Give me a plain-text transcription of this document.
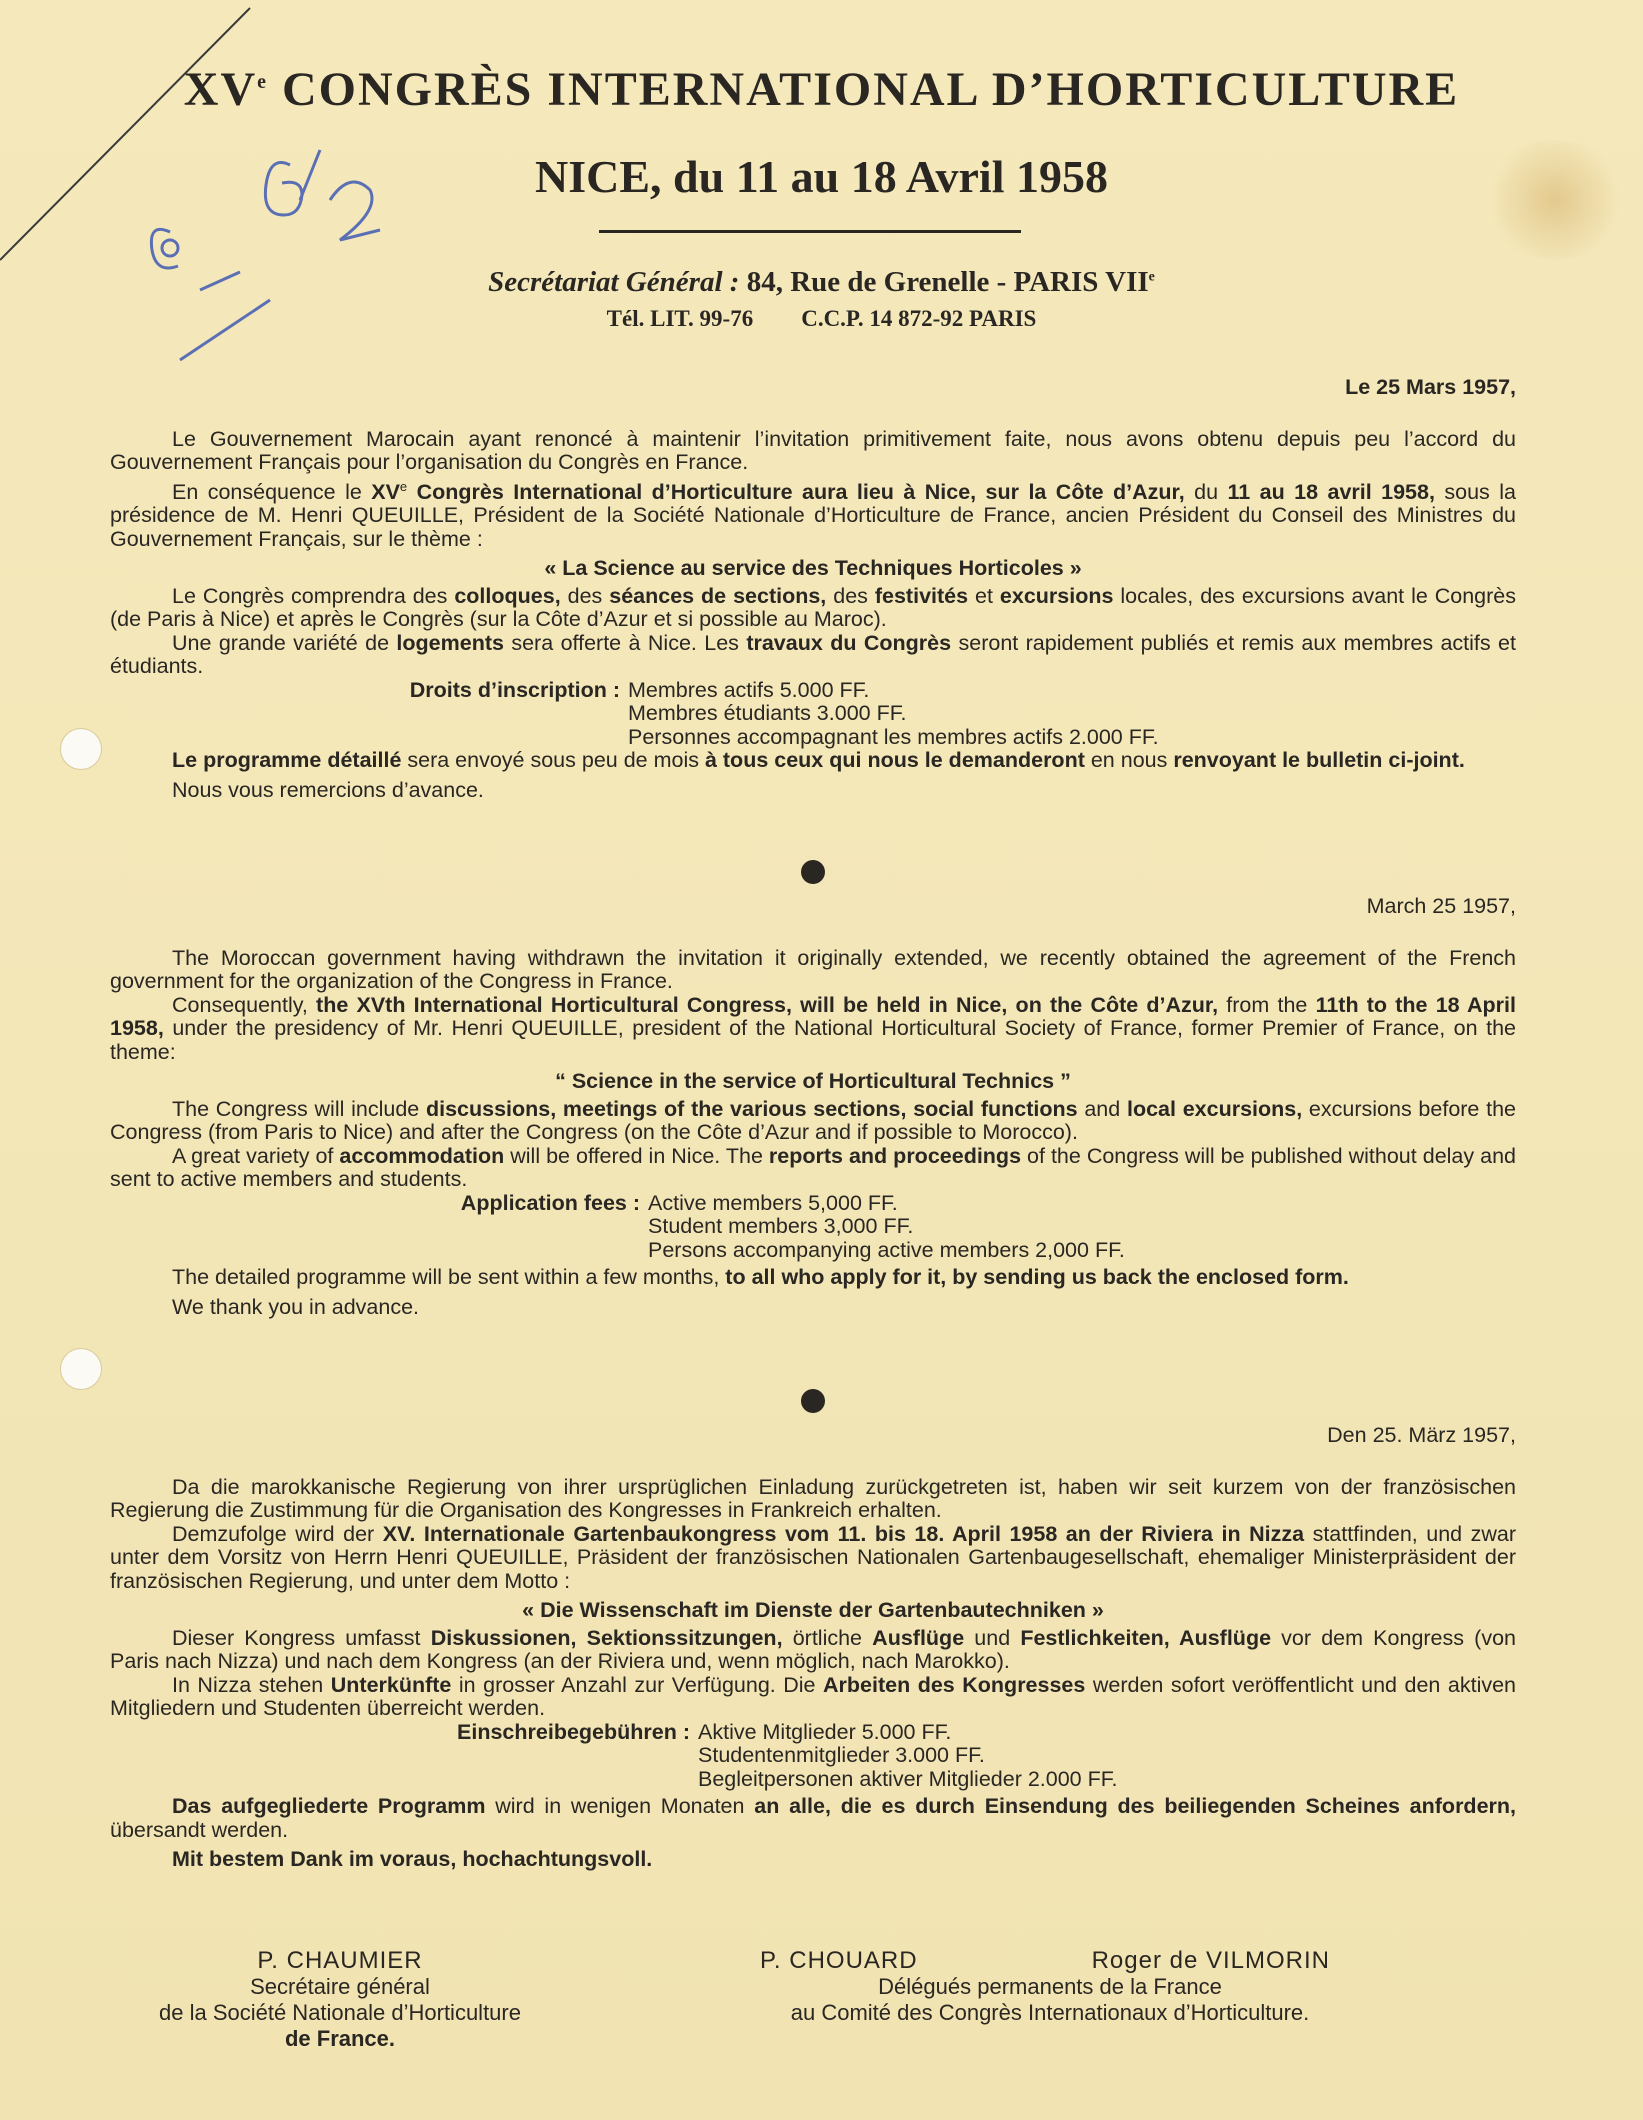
XVe CONGRÈS INTERNATIONAL D’HORTICULTURE
NICE, du 11 au 18 Avril 1958
Secrétariat Général : 84, Rue de Grenelle - PARIS VIIe
Tél. LIT. 99-76 C.C.P. 14 872-92 PARIS

Le 25 Mars 1957,

Le Gouvernement Marocain ayant renoncé à maintenir l’invitation primitivement faite, nous avons obtenu depuis peu l’accord du Gouvernement Français pour l’organisation du Congrès en France.

En conséquence le XVe Congrès International d’Horticulture aura lieu à Nice, sur la Côte d’Azur, du 11 au 18 avril 1958, sous la présidence de M. Henri QUEUILLE, Président de la Société Nationale d’Horticulture de France, ancien Président du Conseil des Ministres du Gouvernement Français, sur le thème :

« La Science au service des Techniques Horticoles »

Le Congrès comprendra des colloques, des séances de sections, des festivités et excursions locales, des excursions avant le Congrès (de Paris à Nice) et après le Congrès (sur la Côte d’Azur et si possible au Maroc).

Une grande variété de logements sera offerte à Nice. Les travaux du Congrès seront rapidement publiés et remis aux membres actifs et étudiants.

Droits d’inscription : Membres actifs 5.000 FF.
Membres étudiants 3.000 FF.
Personnes accompagnant les membres actifs 2.000 FF.

Le programme détaillé sera envoyé sous peu de mois à tous ceux qui nous le demanderont en nous renvoyant le bulletin ci-joint.

Nous vous remercions d’avance.

March 25 1957,

The Moroccan government having withdrawn the invitation it originally extended, we recently obtained the agreement of the French government for the organization of the Congress in France.

Consequently, the XVth International Horticultural Congress, will be held in Nice, on the Côte d’Azur, from the 11th to the 18 April 1958, under the presidency of Mr. Henri QUEUILLE, president of the National Horticultural Society of France, former Premier of France, on the theme:

“ Science in the service of Horticultural Technics ”

The Congress will include discussions, meetings of the various sections, social functions and local excursions, excursions before the Congress (from Paris to Nice) and after the Congress (on the Côte d’Azur and if possible to Morocco).

A great variety of accommodation will be offered in Nice. The reports and proceedings of the Congress will be published without delay and sent to active members and students.

Application fees : Active members 5,000 FF.
Student members 3,000 FF.
Persons accompanying active members 2,000 FF.

The detailed programme will be sent within a few months, to all who apply for it, by sending us back the enclosed form.

We thank you in advance.

Den 25. März 1957,

Da die marokkanische Regierung von ihrer ursprüglichen Einladung zurückgetreten ist, haben wir seit kurzem von der französischen Regierung die Zustimmung für die Organisation des Kongresses in Frankreich erhalten.

Demzufolge wird der XV. Internationale Gartenbaukongress vom 11. bis 18. April 1958 an der Riviera in Nizza stattfinden, und zwar unter dem Vorsitz von Herrn Henri QUEUILLE, Präsident der französischen Nationalen Gartenbaugesellschaft, ehemaliger Ministerpräsident der französischen Regierung, und unter dem Motto :

« Die Wissenschaft im Dienste der Gartenbautechniken »

Dieser Kongress umfasst Diskussionen, Sektionssitzungen, örtliche Ausflüge und Festlichkeiten, Ausflüge vor dem Kongress (von Paris nach Nizza) und nach dem Kongress (an der Riviera und, wenn möglich, nach Marokko).

In Nizza stehen Unterkünfte in grosser Anzahl zur Verfügung. Die Arbeiten des Kongresses werden sofort veröffentlicht und den aktiven Mitgliedern und Studenten überreicht werden.

Einschreibegebühren : Aktive Mitglieder 5.000 FF.
Studentenmitglieder 3.000 FF.
Begleitpersonen aktiver Mitglieder 2.000 FF.

Das aufgegliederte Programm wird in wenigen Monaten an alle, die es durch Einsendung des beiliegenden Scheines anfordern, übersandt werden.

Mit bestem Dank im voraus, hochachtungsvoll.

P. CHAUMIER
Secrétaire général
de la Société Nationale d’Horticulture
de France.
P. CHOUARD	Roger de VILMORIN
Délégués permanents de la France
au Comité des Congrès Internationaux d’Horticulture.
